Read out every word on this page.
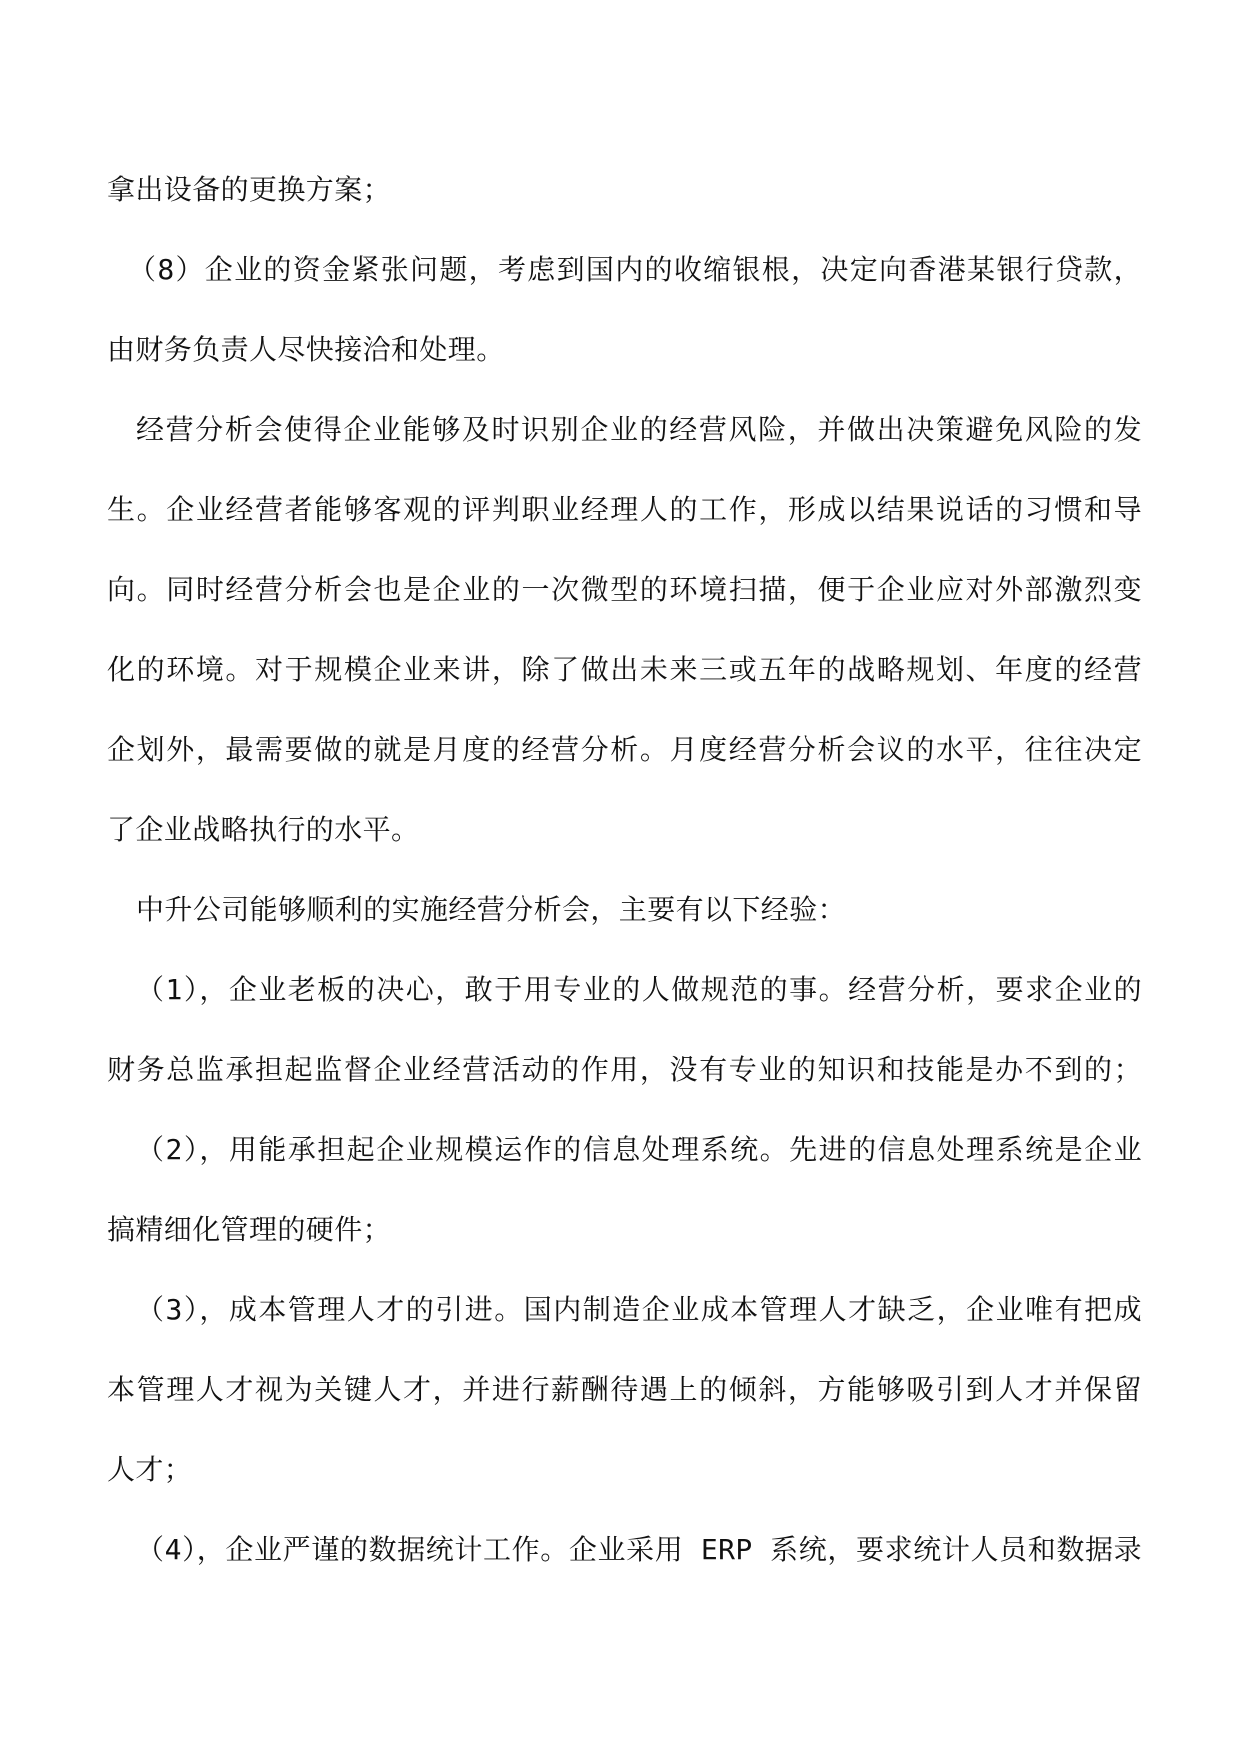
拿出设备的更换方案；
（8）企业的资金紧张问题，考虑到国内的收缩银根，决定向香港某银行贷款，
由财务负责人尽快接洽和处理。
经营分析会使得企业能够及时识别企业的经营风险，并做出决策避免风险的发
生。企业经营者能够客观的评判职业经理人的工作，形成以结果说话的习惯和导
向。同时经营分析会也是企业的一次微型的环境扫描，便于企业应对外部激烈变
化的环境。对于规模企业来讲，除了做出未来三或五年的战略规划、年度的经营
企划外，最需要做的就是月度的经营分析。月度经营分析会议的水平，往往决定
了企业战略执行的水平。
中升公司能够顺利的实施经营分析会，主要有以下经验：
（1），企业老板的决心，敢于用专业的人做规范的事。经营分析，要求企业的
财务总监承担起监督企业经营活动的作用，没有专业的知识和技能是办不到的；
（2），用能承担起企业规模运作的信息处理系统。先进的信息处理系统是企业
搞精细化管理的硬件；
（3），成本管理人才的引进。国内制造企业成本管理人才缺乏，企业唯有把成
本管理人才视为关键人才，并进行薪酬待遇上的倾斜，方能够吸引到人才并保留
人才；
（4），企业严谨的数据统计工作。企业采用 ERP 系统，要求统计人员和数据录
